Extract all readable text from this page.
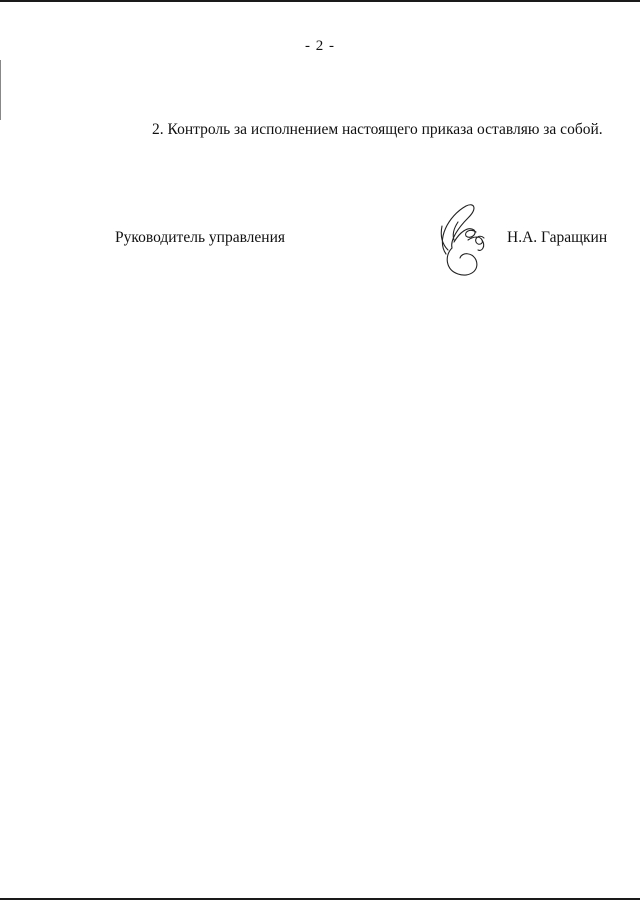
- 2 -
2. Контроль за исполнением настоящего приказа оставляю за собой.
Руководитель управления	Н.А. Гаращкин
